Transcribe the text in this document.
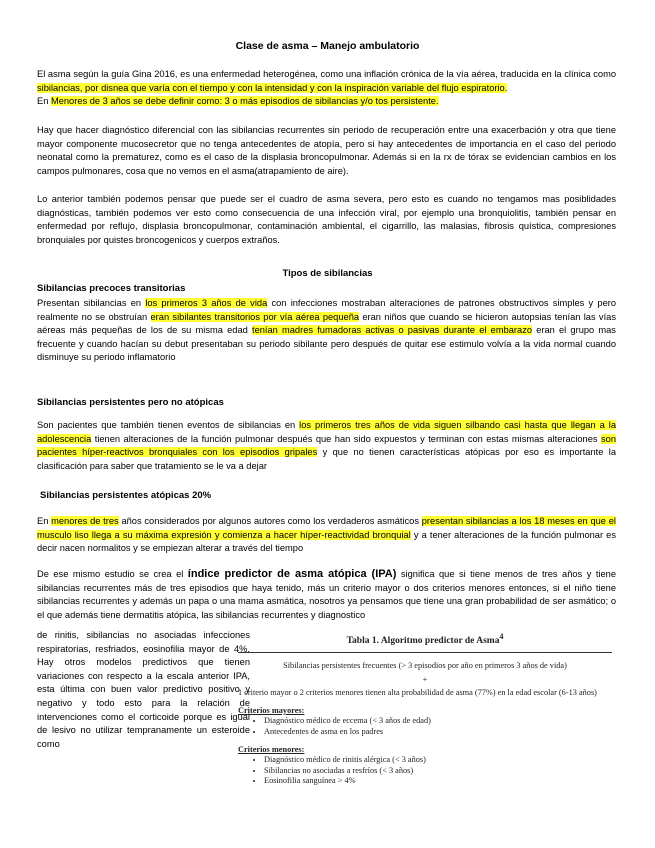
Clase de asma – Manejo ambulatorio
El asma según la guía Gina 2016, es una enfermedad heterogénea, como una inflación crónica de la vía aérea, traducida en la clínica como sibilancias, por disnea que varía con el tiempo y con la intensidad y con la inspiración variable del flujo espiratorio.
En Menores de 3 años se debe definir como: 3 o más episodios de sibilancias y/o tos persistente.
Hay que hacer diagnóstico diferencial con las sibilancias recurrentes sin periodo de recuperación entre una exacerbación y otra que tiene mayor componente mucosecretor que no tenga antecedentes de atopía, pero si hay antecedentes de importancia en el caso del periodo neonatal como la prematurez, como es el caso de la displasia broncopulmonar. Además si en la rx de tórax se evidencian cambios en los campos pulmonares, cosa que no vemos en el asma(atrapamiento de aire).
Lo anterior también podemos pensar que puede ser el cuadro de asma severa, pero esto es cuando no tengamos mas posiblidades diagnósticas, también podemos ver esto como consecuencia de una infección viral, por ejemplo una bronquiolitis, también pensar en enfermedad por reflujo, displasia broncopulmonar, contaminación ambiental, el cigarrillo, las malasias, fibrosis quística, compresiones bronquiales por quistes broncogenicos y cuerpos extraños.
Tipos de sibilancias
Sibilancias precoces transitorias
Presentan sibilancias en los primeros 3 años de vida con infecciones mostraban alteraciones de patrones obstructivos simples y pero realmente no se obstruían eran sibilantes transitorios por vía aérea pequeña eran niños que cuando se hicieron autopsias tenían las vías aéreas más pequeñas de los de su misma edad tenían madres fumadoras activas o pasivas durante el embarazo eran el grupo mas frecuente y cuando hacían su debut presentaban su periodo sibilante pero después de quitar ese estimulo volvía a la vida normal cuando disminuye su periodo inflamatorio
Sibilancias persistentes pero no atópicas
Son pacientes que también tienen eventos de sibilancias en los primeros tres años de vida siguen silbando casi hasta que llegan a la adolescencia tienen alteraciones de la función pulmonar después que han sido expuestos y terminan con estas mismas alteraciones son pacientes híper-reactivos bronquiales con los episodios gripales y que no tienen características atópicas por eso es importante la clasificación para saber que tratamiento se le va a dejar
Sibilancias persistentes atópicas 20%
En menores de tres años considerados por algunos autores como los verdaderos asmáticos presentan sibilancias a los 18 meses en que el musculo liso llega a su máxima expresión y comienza a hacer híper-reactividad bronquial y a tener alteraciones de la función pulmonar es decir nacen normalitos y se empiezan alterar a través del tiempo
De ese mismo estudio se crea el índice predictor de asma atópica (IPA) significa que si tiene menos de tres años y tiene sibilancias recurrentes más de tres episodios que haya tenido, más un criterio mayor o dos criterios menores entonces, si el niño tiene sibilancias recurrentes y además un papa o una mama asmática, nosotros ya pensamos que tiene una gran probabilidad de ser asmático; o el que además tiene dermatitis atópica, las sibilancias recurrentes y diagnostico
de rinitis, sibilancias no asociadas infecciones respiratorias, resfriados, eosinofilia mayor de 4%. Hay otros modelos predictivos que tienen variaciones con respecto a la escala anterior IPA, esta última con buen valor predictivo positivo y negativo y todo esto para la relación de intervenciones como el corticoide porque es igual de lesivo no utilizar tempranamente un esteroide como
Tabla 1. Algoritmo predictor de Asma$^4$
Sibilancias persistentes frecuentes (> 3 episodios por año en primeros 3 años de vida)
+
1 criterio mayor o 2 criterios menores tienen alta probabilidad de asma (77%) en la edad escolar (6-13 años)
Criterios mayores:
• Diagnóstico médico de eccema (< 3 años de edad)
• Antecedentes de asma en los padres
Criterios menores:
• Diagnóstico médico de rinitis alérgica (< 3 años)
• Sibilancias no asociadas a resfríos (< 3 años)
• Eosinofilia sanguínea > 4%
